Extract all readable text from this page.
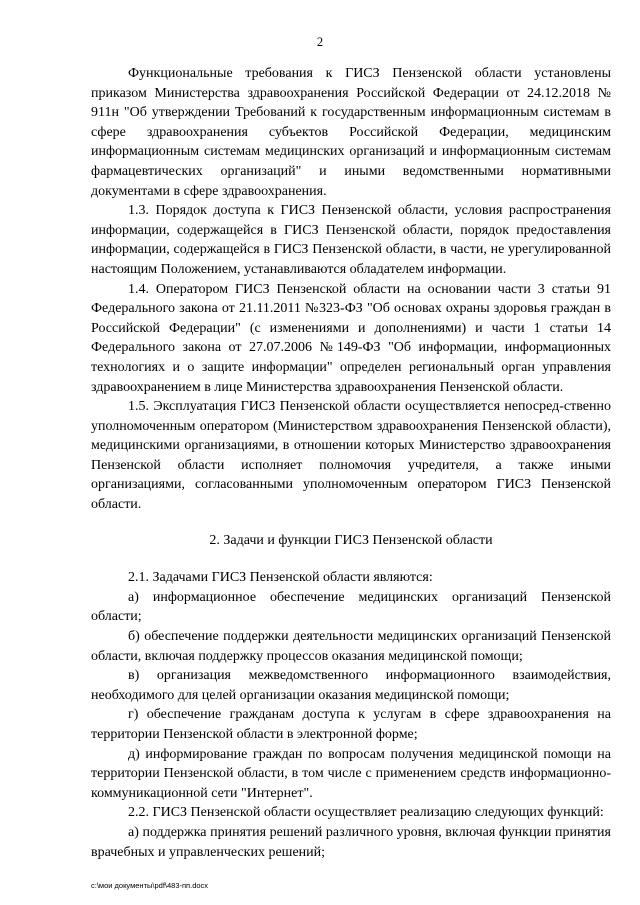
2

Функциональные требования к ГИСЗ Пензенской области установлены приказом Министерства здравоохранения Российской Федерации от 24.12.2018 № 911н "Об утверждении Требований к государственным информационным системам в сфере здравоохранения субъектов Российской Федерации, медицинским информационным системам медицинских организаций и информационным системам фармацевтических организаций" и иными ведомственными нормативными документами в сфере здравоохранения.

1.3. Порядок доступа к ГИСЗ Пензенской области, условия распространения информации, содержащейся в ГИСЗ Пензенской области, порядок предоставления информации, содержащейся в ГИСЗ Пензенской области, в части, не урегулированной настоящим Положением, устанавливаются обладателем информации.

1.4. Оператором ГИСЗ Пензенской области на основании части 3 статьи 91 Федерального закона от 21.11.2011 №323-ФЗ "Об основах охраны здоровья граждан в Российской Федерации" (с изменениями и дополнениями) и части 1 статьи 14 Федерального закона от 27.07.2006 №149-ФЗ "Об информации, информационных технологиях и о защите информации" определен региональный орган управления здравоохранением в лице Министерства здравоохранения Пензенской области.

1.5. Эксплуатация ГИСЗ Пензенской области осуществляется непосред-ственно уполномоченным оператором (Министерством здравоохранения Пензенской области), медицинскими организациями, в отношении которых Министерство здравоохранения Пензенской области исполняет полномочия учредителя, а также иными организациями, согласованными уполномоченным оператором ГИСЗ Пензенской области.

2. Задачи и функции ГИСЗ Пензенской области

2.1. Задачами ГИСЗ Пензенской области являются:

а) информационное обеспечение медицинских организаций Пензенской области;

б) обеспечение поддержки деятельности медицинских организаций Пензенской области, включая поддержку процессов оказания медицинской помощи;

в) организация межведомственного информационного взаимодействия, необходимого для целей организации оказания медицинской помощи;

г) обеспечение гражданам доступа к услугам в сфере здравоохранения на территории Пензенской области в электронной форме;

д) информирование граждан по вопросам получения медицинской помощи на территории Пензенской области, в том числе с применением средств информационно-коммуникационной сети "Интернет".

2.2. ГИСЗ Пензенской области осуществляет реализацию следующих функций:

а) поддержка принятия решений различного уровня, включая функции принятия врачебных и управленческих решений;

c:\мои документы\pdf\483-пп.docx
